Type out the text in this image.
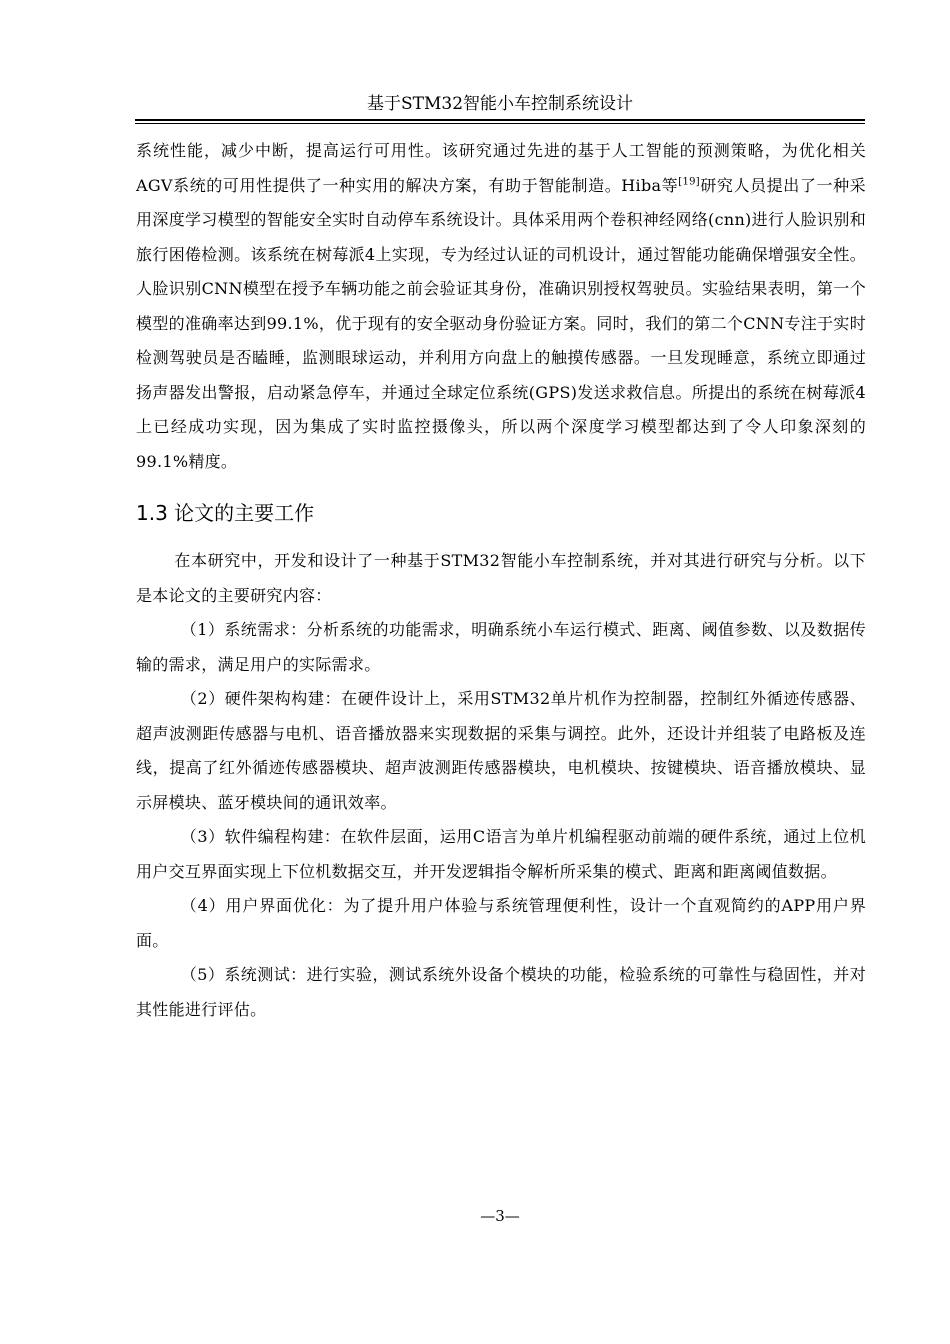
基于STM32智能小车控制系统设计

系统性能，减少中断，提高运行可用性。该研究通过先进的基于人工智能的预测策略，为优化相关AGV系统的可用性提供了一种实用的解决方案，有助于智能制造。Hiba等[19]研究人员提出了一种采用深度学习模型的智能安全实时自动停车系统设计。具体采用两个卷积神经网络(cnn)进行人脸识别和旅行困倦检测。该系统在树莓派4上实现，专为经过认证的司机设计，通过智能功能确保增强安全性。人脸识别CNN模型在授予车辆功能之前会验证其身份，准确识别授权驾驶员。实验结果表明，第一个模型的准确率达到99.1%，优于现有的安全驱动身份验证方案。同时，我们的第二个CNN专注于实时检测驾驶员是否瞌睡，监测眼球运动，并利用方向盘上的触摸传感器。一旦发现睡意，系统立即通过扬声器发出警报，启动紧急停车，并通过全球定位系统(GPS)发送求救信息。所提出的系统在树莓派4上已经成功实现，因为集成了实时监控摄像头，所以两个深度学习模型都达到了令人印象深刻的99.1%精度。

1.3 论文的主要工作

在本研究中，开发和设计了一种基于STM32智能小车控制系统，并对其进行研究与分析。以下是本论文的主要研究内容：

（1）系统需求：分析系统的功能需求，明确系统小车运行模式、距离、阈值参数、以及数据传输的需求，满足用户的实际需求。

（2）硬件架构构建：在硬件设计上，采用STM32单片机作为控制器，控制红外循迹传感器、超声波测距传感器与电机、语音播放器来实现数据的采集与调控。此外，还设计并组装了电路板及连线，提高了红外循迹传感器模块、超声波测距传感器模块，电机模块、按键模块、语音播放模块、显示屏模块、蓝牙模块间的通讯效率。

（3）软件编程构建：在软件层面，运用C语言为单片机编程驱动前端的硬件系统，通过上位机用户交互界面实现上下位机数据交互，并开发逻辑指令解析所采集的模式、距离和距离阈值数据。

（4）用户界面优化：为了提升用户体验与系统管理便利性，设计一个直观简约的APP用户界面。

（5）系统测试：进行实验，测试系统外设备个模块的功能，检验系统的可靠性与稳固性，并对其性能进行评估。

—3—
